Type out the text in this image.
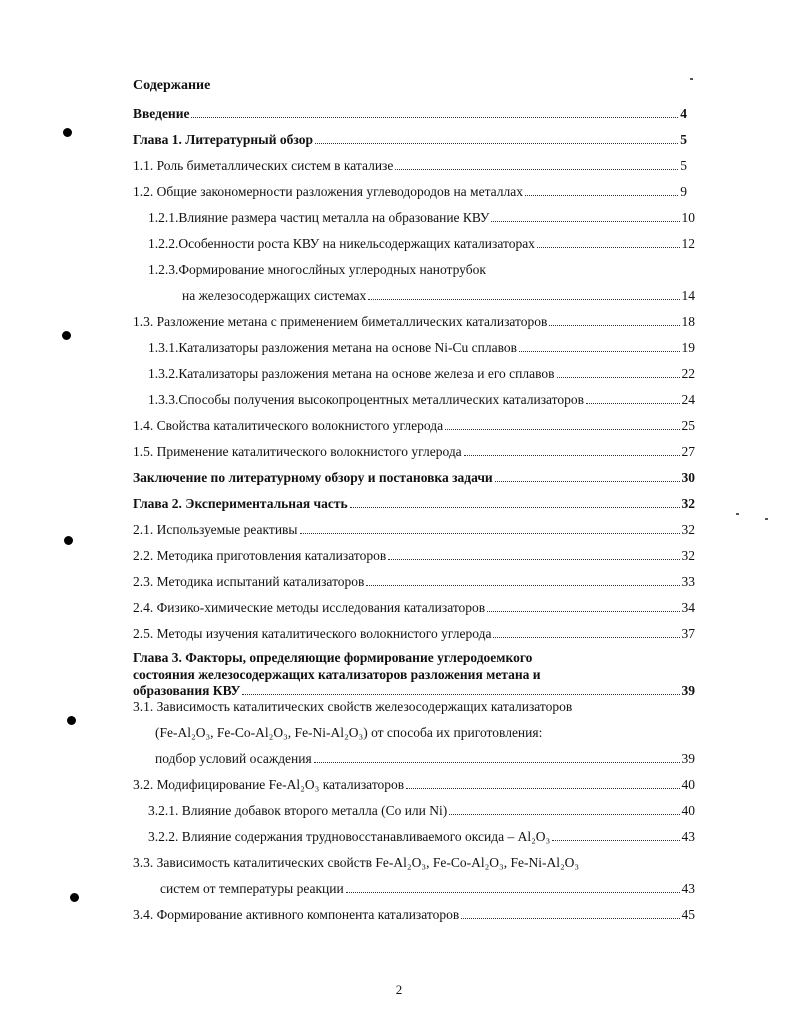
Содержание
Введение	4
Глава 1. Литературный обзор	5
1.1. Роль биметаллических систем в катализе	5
1.2. Общие закономерности разложения углеводородов на металлах	9
1.2.1.Влияние размера частиц металла на образование КВУ	10
1.2.2.Особенности роста КВУ на никельсодержащих катализаторах	12
1.2.3.Формирование многослйных углеродных нанотрубок
на железосодержащих системах	14
1.3. Разложение метана с применением биметаллических катализаторов	18
1.3.1.Катализаторы разложения метана на основе Ni-Cu сплавов	19
1.3.2.Катализаторы разложения метана на основе железа и его сплавов	22
1.3.3.Способы получения высокопроцентных металлических катализаторов	24
1.4. Свойства каталитического волокнистого углерода	25
1.5. Применение каталитического волокнистого углерода	27
Заключение по литературному обзору и постановка задачи	30
Глава 2. Экспериментальная часть	32
2.1. Используемые реактивы	32
2.2. Методика приготовления катализаторов	32
2.3. Методика испытаний катализаторов	33
2.4. Физико-химические методы исследования катализаторов	34
2.5. Методы изучения каталитического волокнистого углерода	37
Глава 3. Факторы, определяющие формирование углеродоемкого
состояния железосодержащих катализаторов разложения метана и
образования КВУ	39
3.1. Зависимость каталитических свойств железосодержащих катализаторов
(Fe-Al₂O₃, Fe-Co-Al₂O₃, Fe-Ni-Al₂O₃) от способа их приготовления:
подбор условий осаждения	39
3.2. Модифицирование Fe-Al₂O₃ катализаторов	40
3.2.1. Влияние добавок второго металла (Co или Ni)	40
3.2.2. Влияние содержания трудновосстанавливаемого оксида – Al₂O₃	43
3.3. Зависимость каталитических свойств Fe-Al₂O₃, Fe-Co-Al₂O₃, Fe-Ni-Al₂O₃
систем от температуры реакции	43
3.4. Формирование активного компонента катализаторов	45
2
